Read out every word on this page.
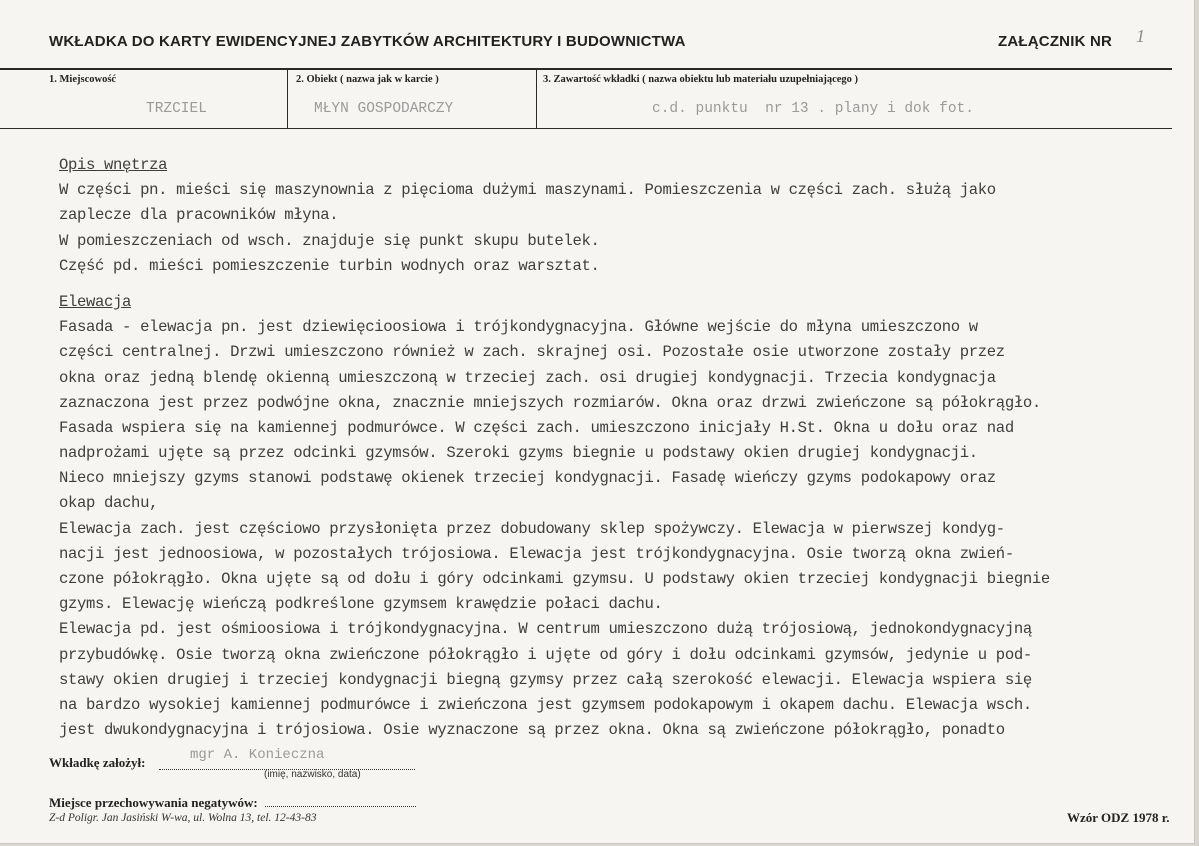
WKŁADKA DO KARTY EWIDENCYJNEJ ZABYTKÓW ARCHITEKTURY I BUDOWNICTWA	ZAŁĄCZNIK NR 1
1. Miejscowość
TRZCIEL
2. Obiekt ( nazwa jak w karcie )
MŁYN GOSPODARCZY
3. Zawartość wkładki ( nazwa obiektu lub materiału uzupełniającego )
c.d. punktu  nr 13 . plany i dok fot.
Opis wnętrza
W części pn. mieści się maszynownia z pięcioma dużymi maszynami. Pomieszczenia w części zach. służą jako
zaplecze dla pracowników młyna.
W pomieszczeniach od wsch. znajduje się punkt skupu butelek.
Część pd. mieści pomieszczenie turbin wodnych oraz warsztat.
Elewacja
Fasada - elewacja pn. jest dziewięcioosiowa i trójkondygnacyjna. Główne wejście do młyna umieszczono w
części centralnej. Drzwi umieszczono również w zach. skrajnej osi. Pozostałe osie utworzone zostały przez
okna oraz jedną blendę okienną umieszczoną w trzeciej zach. osi drugiej kondygnacji. Trzecia kondygnacja
zaznaczona jest przez podwójne okna, znacznie mniejszych rozmiarów. Okna oraz drzwi zwieńczone są półokrągło.
Fasada wspiera się na kamiennej podmurówce. W części zach. umieszczono inicjały H.St. Okna u dołu oraz nad
nadprożami ujęte są przez odcinki gzymsów. Szeroki gzyms biegnie u podstawy okien drugiej kondygnacji.
Nieco mniejszy gzyms stanowi podstawę okienek trzeciej kondygnacji. Fasadę wieńczy gzyms podokapowy oraz
okap dachu,
Elewacja zach. jest częściowo przysłonięta przez dobudowany sklep spożywczy. Elewacja w pierwszej kondyg-
nacji jest jednoosiowa, w pozostałych trójosiowa. Elewacja jest trójkondygnacyjna. Osie tworzą okna zwień-
czone półokrągło. Okna ujęte są od dołu i góry odcinkami gzymsu. U podstawy okien trzeciej kondygnacji biegnie
gzyms. Elewację wieńczą podkreślone gzymsem krawędzie połaci dachu.
Elewacja pd. jest ośmioosiowa i trójkondygnacyjna. W centrum umieszczono dużą trójosiową, jednokondygnacyjną
przybudówkę. Osie tworzą okna zwieńczone półokrągło i ujęte od góry i dołu odcinkami gzymsów, jedynie u pod-
stawy okien drugiej i trzeciej kondygnacji biegną gzymsy przez całą szerokość elewacji. Elewacja wspiera się
na bardzo wysokiej kamiennej podmurówce i zwieńczona jest gzymsem podokapowym i okapem dachu. Elewacja wsch.
jest dwukondygnacyjna i trójosiowa. Osie wyznaczone są przez okna. Okna są zwieńczone półokrągło, ponadto
Wkładkę założył:	mgr A. Konieczna
(imię, nazwisko, data)
Miejsce przechowywania negatywów:
Z-d Poligr. Jan Jasiński W-wa, ul. Wolna 13, tel. 12-43-83	Wzór ODZ 1978 r.
